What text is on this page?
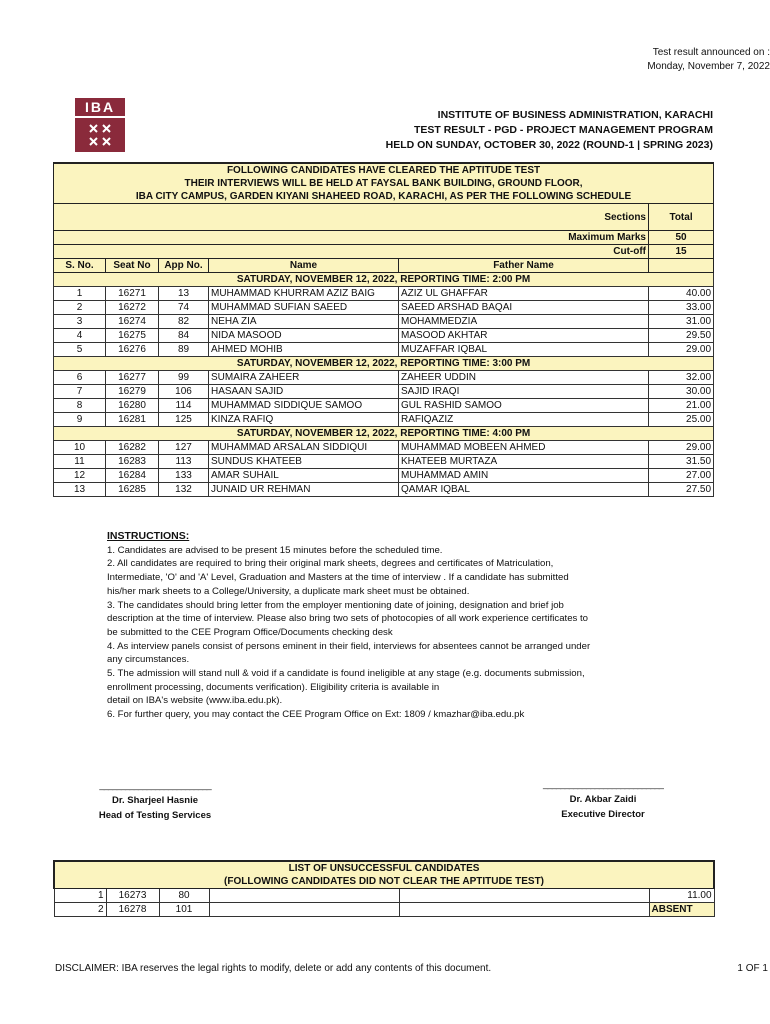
Test result announced on :
Monday, November 7, 2022
IBA	INSTITUTE OF BUSINESS ADMINISTRATION, KARACHI
TEST RESULT - PGD - PROJECT MANAGEMENT PROGRAM
HELD ON SUNDAY, OCTOBER 30, 2022 (ROUND-1 | SPRING 2023)
FOLLOWING CANDIDATES HAVE CLEARED THE APTITUDE TEST					
THEIR INTERVIEWS WILL BE HELD AT FAYSAL BANK BUILDING, GROUND FLOOR,					
IBA CITY CAMPUS, GARDEN KIYANI SHAHEED ROAD, KARACHI, AS PER THE FOLLOWING SCHEDULE					
Sections					Total
Maximum Marks					50
Cut-off					15
S. No.	Seat No	App No.	Name	Father Name	
SATURDAY, NOVEMBER 12, 2022, REPORTING TIME: 2:00 PM					
1	16271	13	MUHAMMAD KHURRAM AZIZ BAIG	AZIZ UL GHAFFAR	40.00
2	16272	74	MUHAMMAD SUFIAN SAEED	SAEED ARSHAD BAQAI	33.00
3	16274	82	NEHA ZIA	MOHAMMEDZIA	31.00
4	16275	84	NIDA MASOOD	MASOOD AKHTAR	29.50
5	16276	89	AHMED MOHIB	MUZAFFAR IQBAL	29.00
SATURDAY, NOVEMBER 12, 2022, REPORTING TIME: 3:00 PM					
6	16277	99	SUMAIRA ZAHEER	ZAHEER UDDIN	32.00
7	16279	106	HASAAN SAJID	SAJID IRAQI	30.00
8	16280	114	MUHAMMAD SIDDIQUE SAMOO	GUL RASHID SAMOO	21.00
9	16281	125	KINZA RAFIQ	RAFIQAZIZ	25.00
SATURDAY, NOVEMBER 12, 2022, REPORTING TIME: 4:00 PM					
10	16282	127	MUHAMMAD ARSALAN SIDDIQUI	MUHAMMAD MOBEEN AHMED	29.00
11	16283	113	SUNDUS KHATEEB	KHATEEB MURTAZA	31.50
12	16284	133	AMAR SUHAIL	MUHAMMAD AMIN	27.00
13	16285	132	JUNAID UR REHMAN	QAMAR IQBAL	27.50
INSTRUCTIONS:
1. Candidates are advised to be present 15 minutes before the scheduled time.
2. All candidates are required to bring their original mark sheets, degrees and certificates of Matriculation,
Intermediate, 'O' and 'A' Level, Graduation and Masters at the time of interview . If a candidate has submitted
his/her mark sheets to a College/University, a duplicate mark sheet must be obtained.
3. The candidates should bring letter from the employer mentioning date of joining, designation and brief job
description at the time of interview. Please also bring two sets of photocopies of all work experience certificates to
be submitted to the CEE Program Office/Documents checking desk
4. As interview panels consist of persons eminent in their field, interviews for absentees cannot be arranged under
any circumstances.
5. The admission will stand null & void if a candidate is found ineligible at any stage (e.g. documents submission,
enrollment processing, documents verification). Eligibility criteria is available in
detail on IBA's website (www.iba.edu.pk).
6. For further query, you may contact the CEE Program Office on Ext: 1809 / kmazhar@iba.edu.pk
__________________________
Dr. Sharjeel Hasnie
Head of Testing Services
____________________________
Dr. Akbar Zaidi
Executive Director
LIST OF UNSUCCESSFUL CANDIDATES					
(FOLLOWING CANDIDATES DID NOT CLEAR THE APTITUDE TEST)					
1	16273	80			11.00
2	16278	101			ABSENT
DISCLAIMER: IBA reserves the legal rights to modify, delete or add any contents of this document.	1 OF 1
